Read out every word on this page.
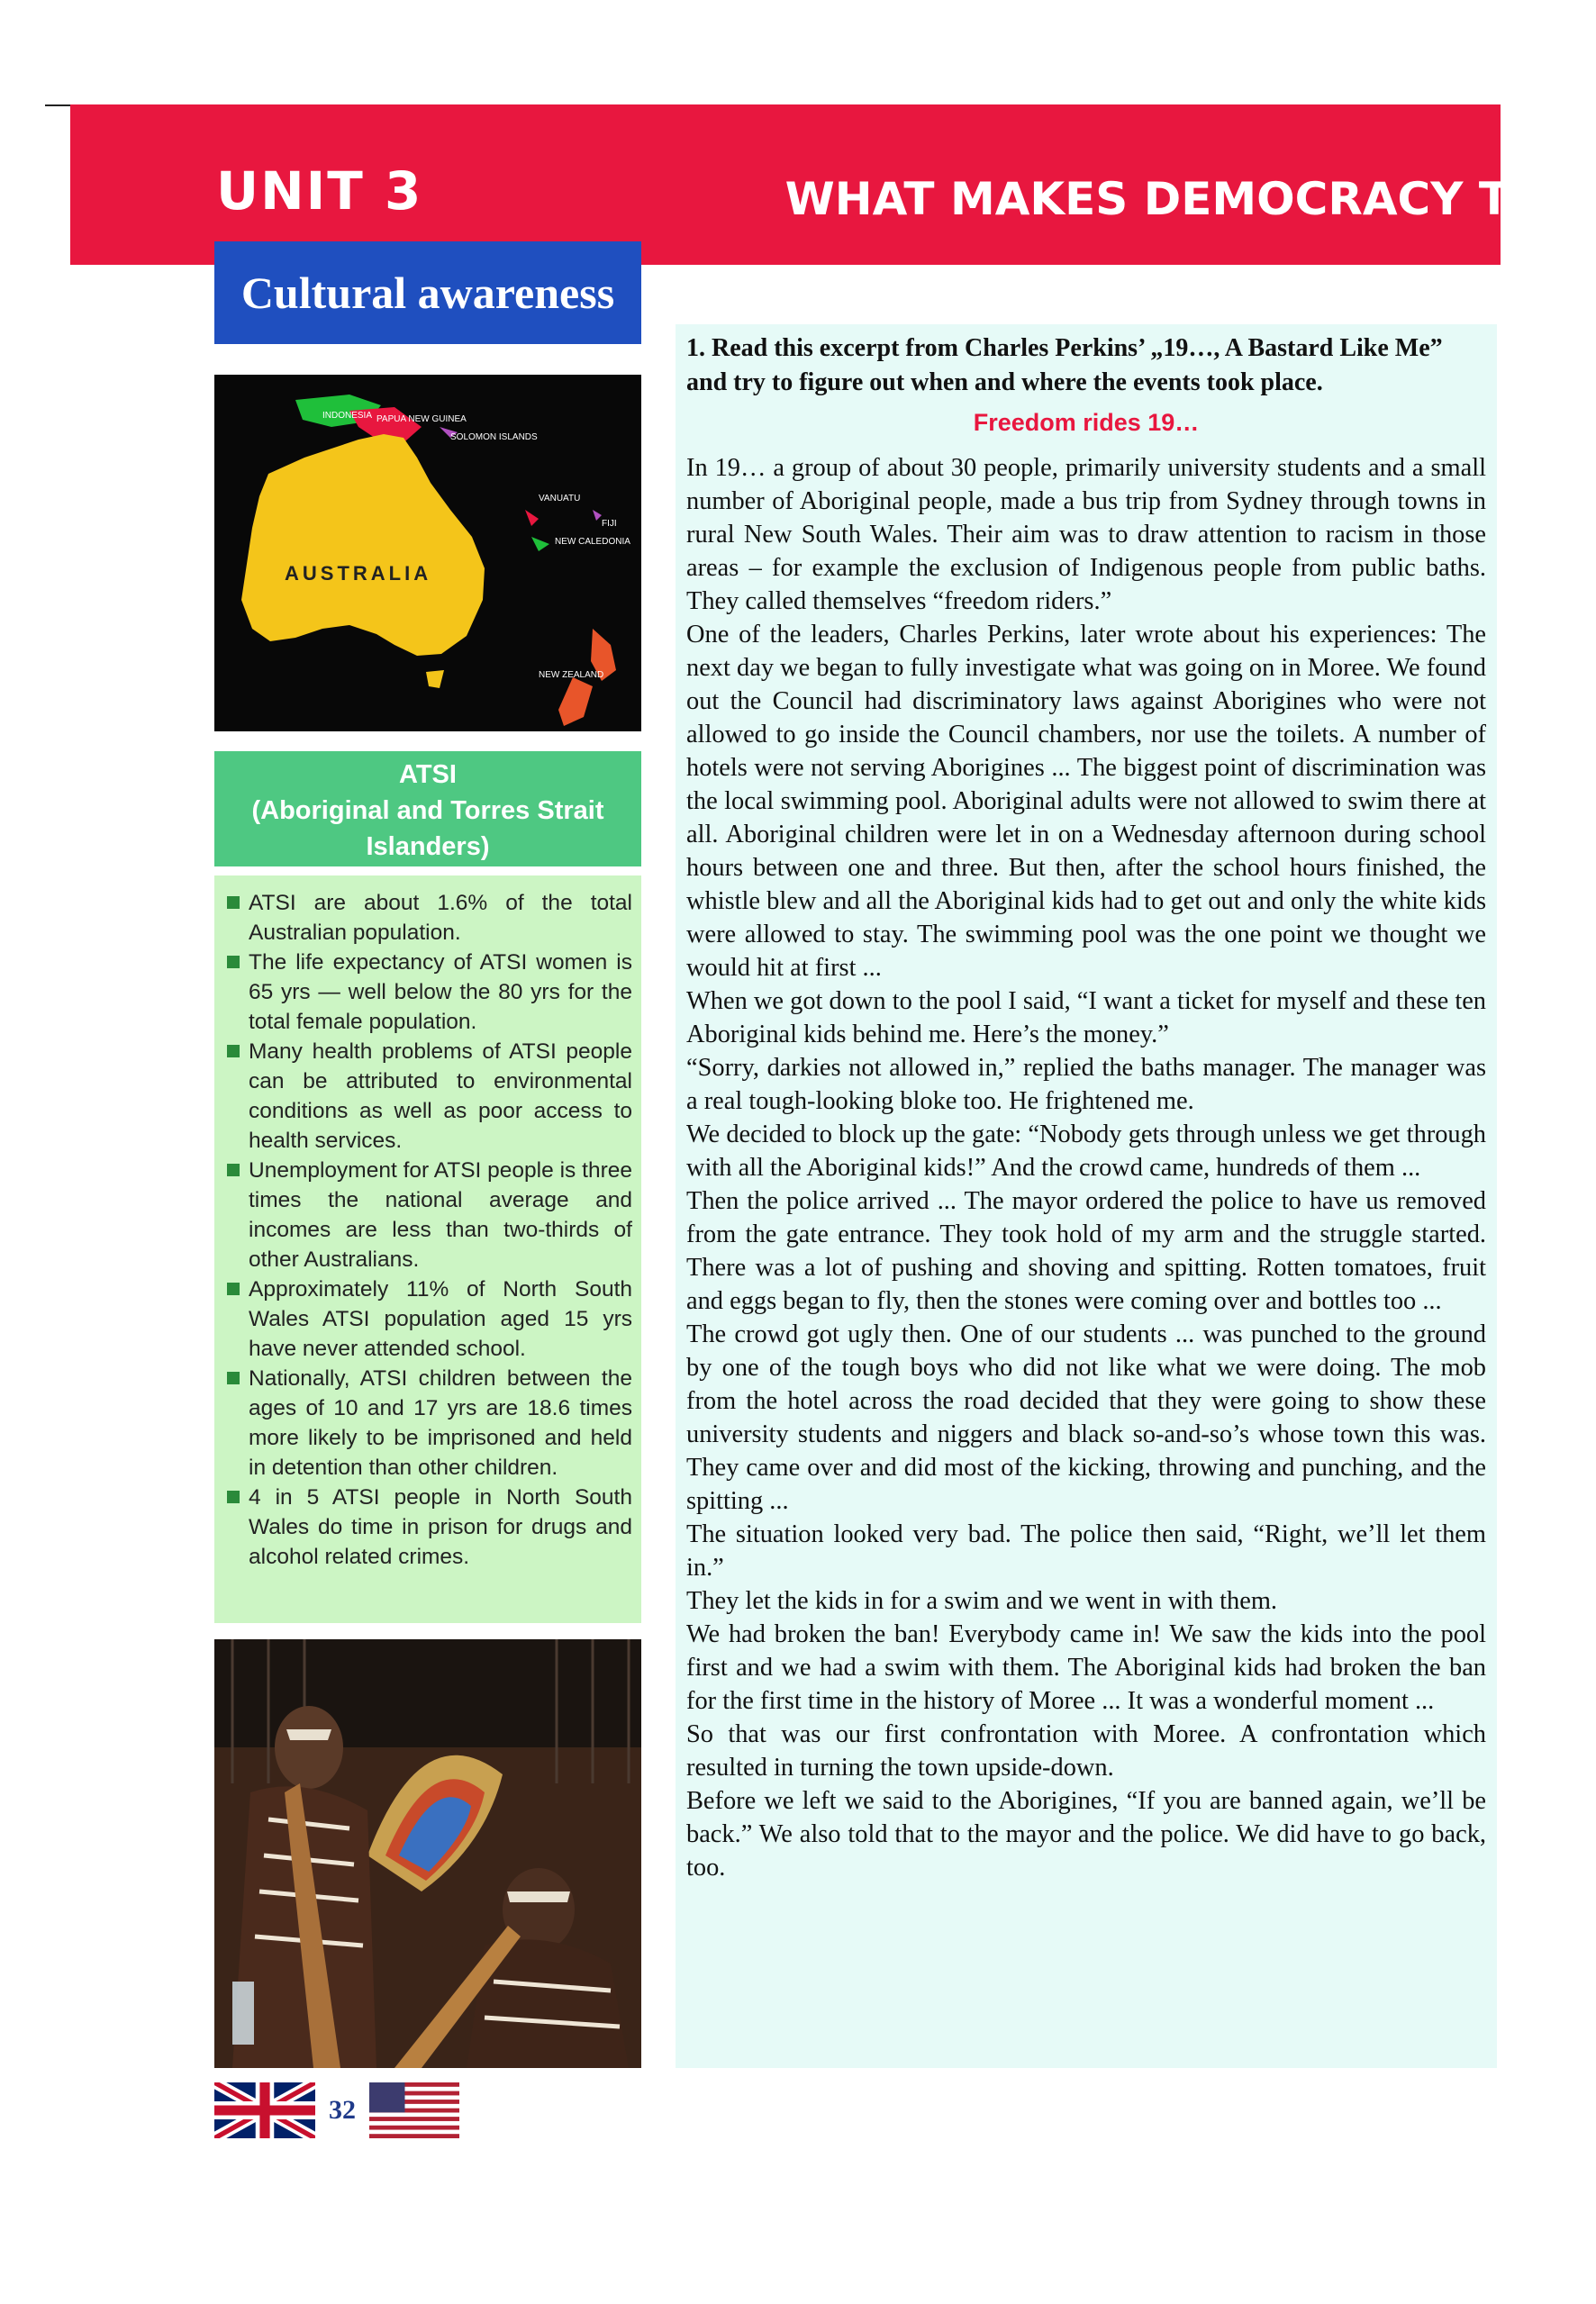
UNIT 3	WHAT MAKES DEMOCRACY TICK
Cultural awareness
AUSTRALIA
INDONESIA PAPUA NEW GUINEA
SOLOMON ISLANDS
VANUATU
FIJI
NEW CALEDONIA
NEW ZEALAND
ATSI
(Aboriginal and Torres Strait
Islanders)
ATSI are about 1.6% of the total Australian population.
The life expectancy of ATSI women is 65 yrs — well below the 80 yrs for the total female population.
Many health problems of ATSI people can be attributed to environmental conditions as well as poor access to health services.
Unemployment for ATSI people is three times the national average and incomes are less than two-thirds of other Australians.
Approximately 11% of North South Wales ATSI population aged 15 yrs have never attended school.
Nationally, ATSI children between the ages of 10 and 17 yrs are 18.6 times more likely to be imprisoned and held in detention than other children.
4 in 5 ATSI people in North South Wales do time in prison for drugs and alcohol related crimes.
32
1. Read this excerpt from Charles Perkins’ „19…, A Bastard Like Me” and try to figure out when and where the events took place.
Freedom rides 19…

In 19… a group of about 30 people, primarily university students and a small number of Aboriginal people, made a bus trip from Sydney through towns in rural New South Wales. Their aim was to draw attention to racism in those areas – for example the exclusion of Indigenous people from public baths. They called themselves “freedom riders.”

One of the leaders, Charles Perkins, later wrote about his experiences: The next day we began to fully investigate what was going on in Moree. We found out the Council had discriminatory laws against Aborigines who were not allowed to go inside the Council chambers, nor use the toilets. A number of hotels were not serving Aborigines ... The biggest point of discrimination was the local swimming pool. Aboriginal adults were not allowed to swim there at all. Aboriginal children were let in on a Wednesday afternoon during school hours between one and three. But then, after the school hours finished, the whistle blew and all the Aboriginal kids had to get out and only the white kids were allowed to stay. The swimming pool was the one point we thought we would hit at first ...

When we got down to the pool I said, “I want a ticket for myself and these ten Aboriginal kids behind me. Here’s the money.”

“Sorry, darkies not allowed in,” replied the baths manager. The manager was a real tough-looking bloke too. He frightened me.

We decided to block up the gate: “Nobody gets through unless we get through with all the Aboriginal kids!” And the crowd came, hundreds of them ...

Then the police arrived ... The mayor ordered the police to have us removed from the gate entrance. They took hold of my arm and the struggle started. There was a lot of pushing and shoving and spitting. Rotten tomatoes, fruit and eggs began to fly, then the stones were coming over and bottles too ...

The crowd got ugly then. One of our students ... was punched to the ground by one of the tough boys who did not like what we were doing. The mob from the hotel across the road decided that they were going to show these university students and niggers and black so-and-so’s whose town this was. They came over and did most of the kicking, throwing and punching, and the spitting ...

The situation looked very bad. The police then said, “Right, we’ll let them in.”

They let the kids in for a swim and we went in with them.

We had broken the ban! Everybody came in! We saw the kids into the pool first and we had a swim with them. The Aboriginal kids had broken the ban for the first time in the history of Moree ... It was a wonderful moment ...

So that was our first confrontation with Moree. A confrontation which resulted in turning the town upside-down.

Before we left we said to the Aborigines, “If you are banned again, we’ll be back.” We also told that to the mayor and the police. We did have to go back, too.
